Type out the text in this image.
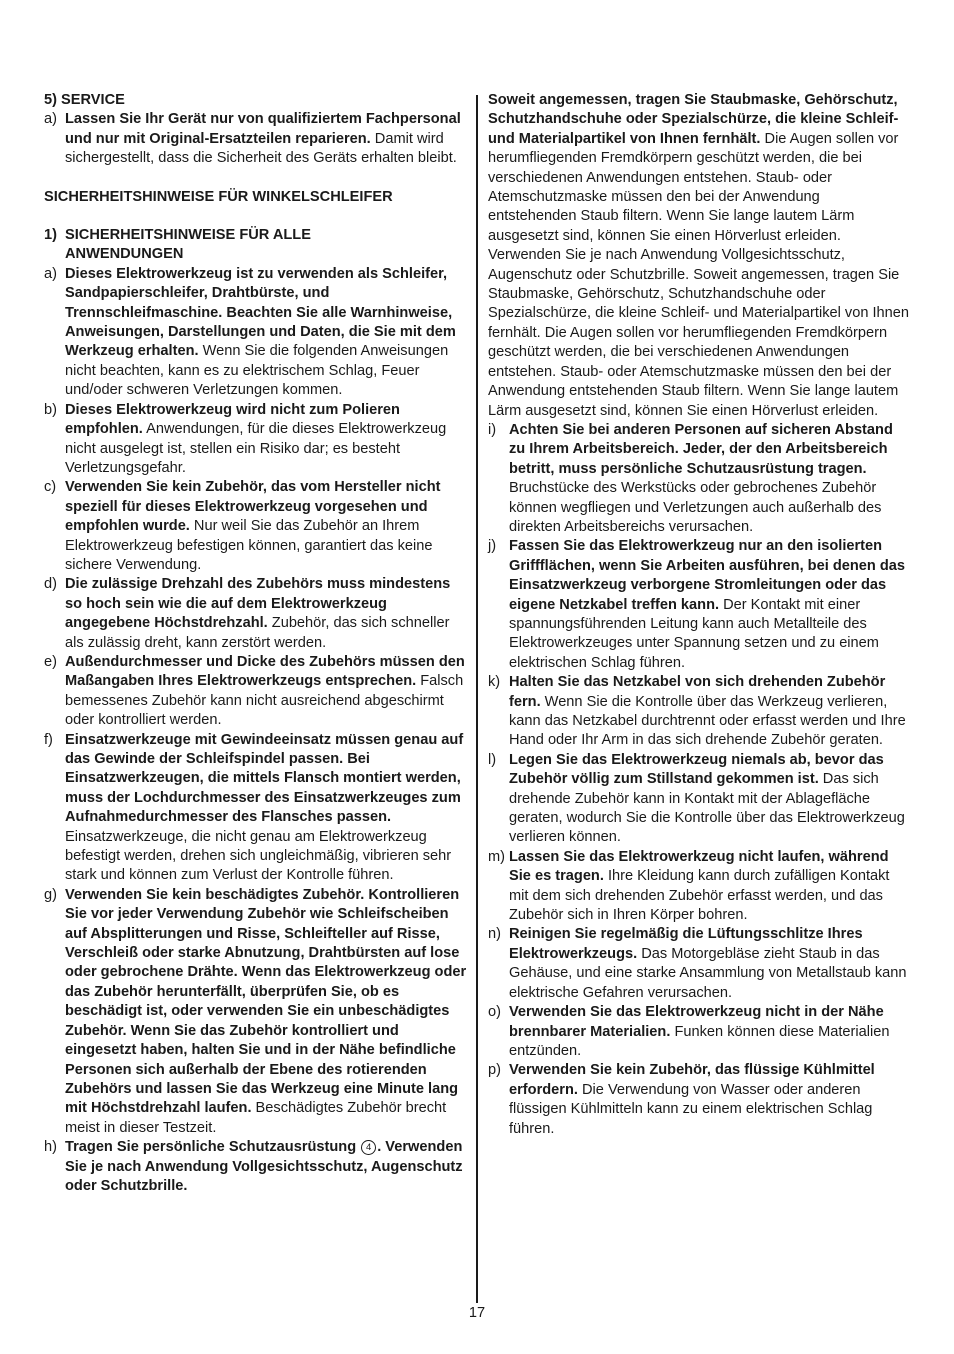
5) SERVICE

a) Lassen Sie Ihr Gerät nur von qualifiziertem Fachpersonal und nur mit Original-Ersatzteilen reparieren. Damit wird sichergestellt, dass die Sicherheit des Geräts erhalten bleibt.

SICHERHEITSHINWEISE FÜR WINKELSCHLEIFER

1) SICHERHEITSHINWEISE FÜR ALLE
ANWENDUNGEN
a) Dieses Elektrowerkzeug ist zu verwenden als Schleifer, Sandpapierschleifer, Drahtbürste, und Trennschleifmaschine. Beachten Sie alle Warnhinweise, Anweisungen, Darstellungen und Daten, die Sie mit dem Werkzeug erhalten. Wenn Sie die folgenden Anweisungen nicht beachten, kann es zu elektrischem Schlag, Feuer und/oder schweren Verletzungen kommen.
b) Dieses Elektrowerkzeug wird nicht zum Polieren empfohlen. Anwendungen, für die dieses Elektrowerkzeug nicht ausgelegt ist, stellen ein Risiko dar; es besteht Verletzungsgefahr.
c) Verwenden Sie kein Zubehör, das vom Hersteller nicht speziell für dieses Elektrowerkzeug vorgesehen und empfohlen wurde. Nur weil Sie das Zubehör an Ihrem Elektrowerkzeug befestigen können, garantiert das keine sichere Verwendung.
d) Die zulässige Drehzahl des Zubehörs muss mindestens so hoch sein wie die auf dem Elektrowerkzeug angegebene Höchstdrehzahl. Zubehör, das sich schneller als zulässig dreht, kann zerstört werden.
e) Außendurchmesser und Dicke des Zubehörs müssen den Maßangaben Ihres Elektrowerkzeugs entsprechen. Falsch bemessenes Zubehör kann nicht ausreichend abgeschirmt oder kontrolliert werden.
f) Einsatzwerkzeuge mit Gewindeeinsatz müssen genau auf das Gewinde der Schleifspindel passen. Bei Einsatzwerkzeugen, die mittels Flansch montiert werden, muss der Lochdurchmesser des Einsatzwerkzeuges zum Aufnahmedurchmesser des Flansches passen. Einsatzwerkzeuge, die nicht genau am Elektrowerkzeug befestigt werden, drehen sich ungleichmäßig, vibrieren sehr stark und können zum Verlust der Kontrolle führen.
g) Verwenden Sie kein beschädigtes Zubehör. Kontrollieren Sie vor jeder Verwendung Zubehör wie Schleifscheiben auf Absplitterungen und Risse, Schleifteller auf Risse, Verschleiß oder starke Abnutzung, Drahtbürsten auf lose oder gebrochene Drähte. Wenn das Elektrowerkzeug oder das Zubehör herunterfällt, überprüfen Sie, ob es beschädigt ist, oder verwenden Sie ein unbeschädigtes Zubehör. Wenn Sie das Zubehör kontrolliert und eingesetzt haben, halten Sie und in der Nähe befindliche Personen sich außerhalb der Ebene des rotierenden Zubehörs und lassen Sie das Werkzeug eine Minute lang mit Höchstdrehzahl laufen. Beschädigtes Zubehör brecht meist in dieser Testzeit.
h) Tragen Sie persönliche Schutzausrüstung 4 . Verwenden Sie je nach Anwendung Vollgesichtsschutz, Augenschutz oder Schutzbrille.

Soweit angemessen, tragen Sie Staubmaske, Gehörschutz, Schutzhandschuhe oder Spezialschürze, die kleine Schleif- und Materialpartikel von Ihnen fernhält. Die Augen sollen vor herumfliegenden Fremdkörpern geschützt werden, die bei verschiedenen Anwendungen entstehen. Staub- oder Atemschutzmaske müssen den bei der Anwendung entstehenden Staub filtern. Wenn Sie lange lautem Lärm ausgesetzt sind, können Sie einen Hörverlust erleiden. Verwenden Sie je nach Anwendung Vollgesichtsschutz, Augenschutz oder Schutzbrille. Soweit angemessen, tragen Sie Staubmaske, Gehörschutz, Schutzhandschuhe oder Spezialschürze, die kleine Schleif- und Materialpartikel von Ihnen fernhält. Die Augen sollen vor herumfliegenden Fremdkörpern geschützt werden, die bei verschiedenen Anwendungen entstehen. Staub- oder Atemschutzmaske müssen den bei der Anwendung entstehenden Staub filtern. Wenn Sie lange lautem Lärm ausgesetzt sind, können Sie einen Hörverlust erleiden.

i) Achten Sie bei anderen Personen auf sicheren Abstand zu Ihrem Arbeitsbereich. Jeder, der den Arbeitsbereich betritt, muss persönliche Schutzausrüstung tragen. Bruchstücke des Werkstücks oder gebrochenes Zubehör können wegfliegen und Verletzungen auch außerhalb des direkten Arbeitsbereichs verursachen.
j) Fassen Sie das Elektrowerkzeug nur an den isolierten Griffflächen, wenn Sie Arbeiten ausführen, bei denen das Einsatzwerkzeug verborgene Stromleitungen oder das eigene Netzkabel treffen kann. Der Kontakt mit einer spannungsführenden Leitung kann auch Metallteile des Elektrowerkzeuges unter Spannung setzen und zu einem elektrischen Schlag führen.
k) Halten Sie das Netzkabel von sich drehenden Zubehör fern. Wenn Sie die Kontrolle über das Werkzeug verlieren, kann das Netzkabel durchtrennt oder erfasst werden und Ihre Hand oder Ihr Arm in das sich drehende Zubehör geraten.
l) Legen Sie das Elektrowerkzeug niemals ab, bevor das Zubehör völlig zum Stillstand gekommen ist. Das sich drehende Zubehör kann in Kontakt mit der Ablagefläche geraten, wodurch Sie die Kontrolle über das Elektrowerkzeug verlieren können.
m) Lassen Sie das Elektrowerkzeug nicht laufen, während Sie es tragen. Ihre Kleidung kann durch zufälligen Kontakt mit dem sich drehenden Zubehör erfasst werden, und das Zubehör sich in Ihren Körper bohren.
n) Reinigen Sie regelmäßig die Lüftungsschlitze Ihres Elektrowerkzeugs. Das Motorgebläse zieht Staub in das Gehäuse, und eine starke Ansammlung von Metallstaub kann elektrische Gefahren verursachen.
o) Verwenden Sie das Elektrowerkzeug nicht in der Nähe brennbarer Materialien. Funken können diese Materialien entzünden.
p) Verwenden Sie kein Zubehör, das flüssige Kühlmittel erfordern. Die Verwendung von Wasser oder anderen flüssigen Kühlmitteln kann zu einem elektrischen Schlag führen.
17
